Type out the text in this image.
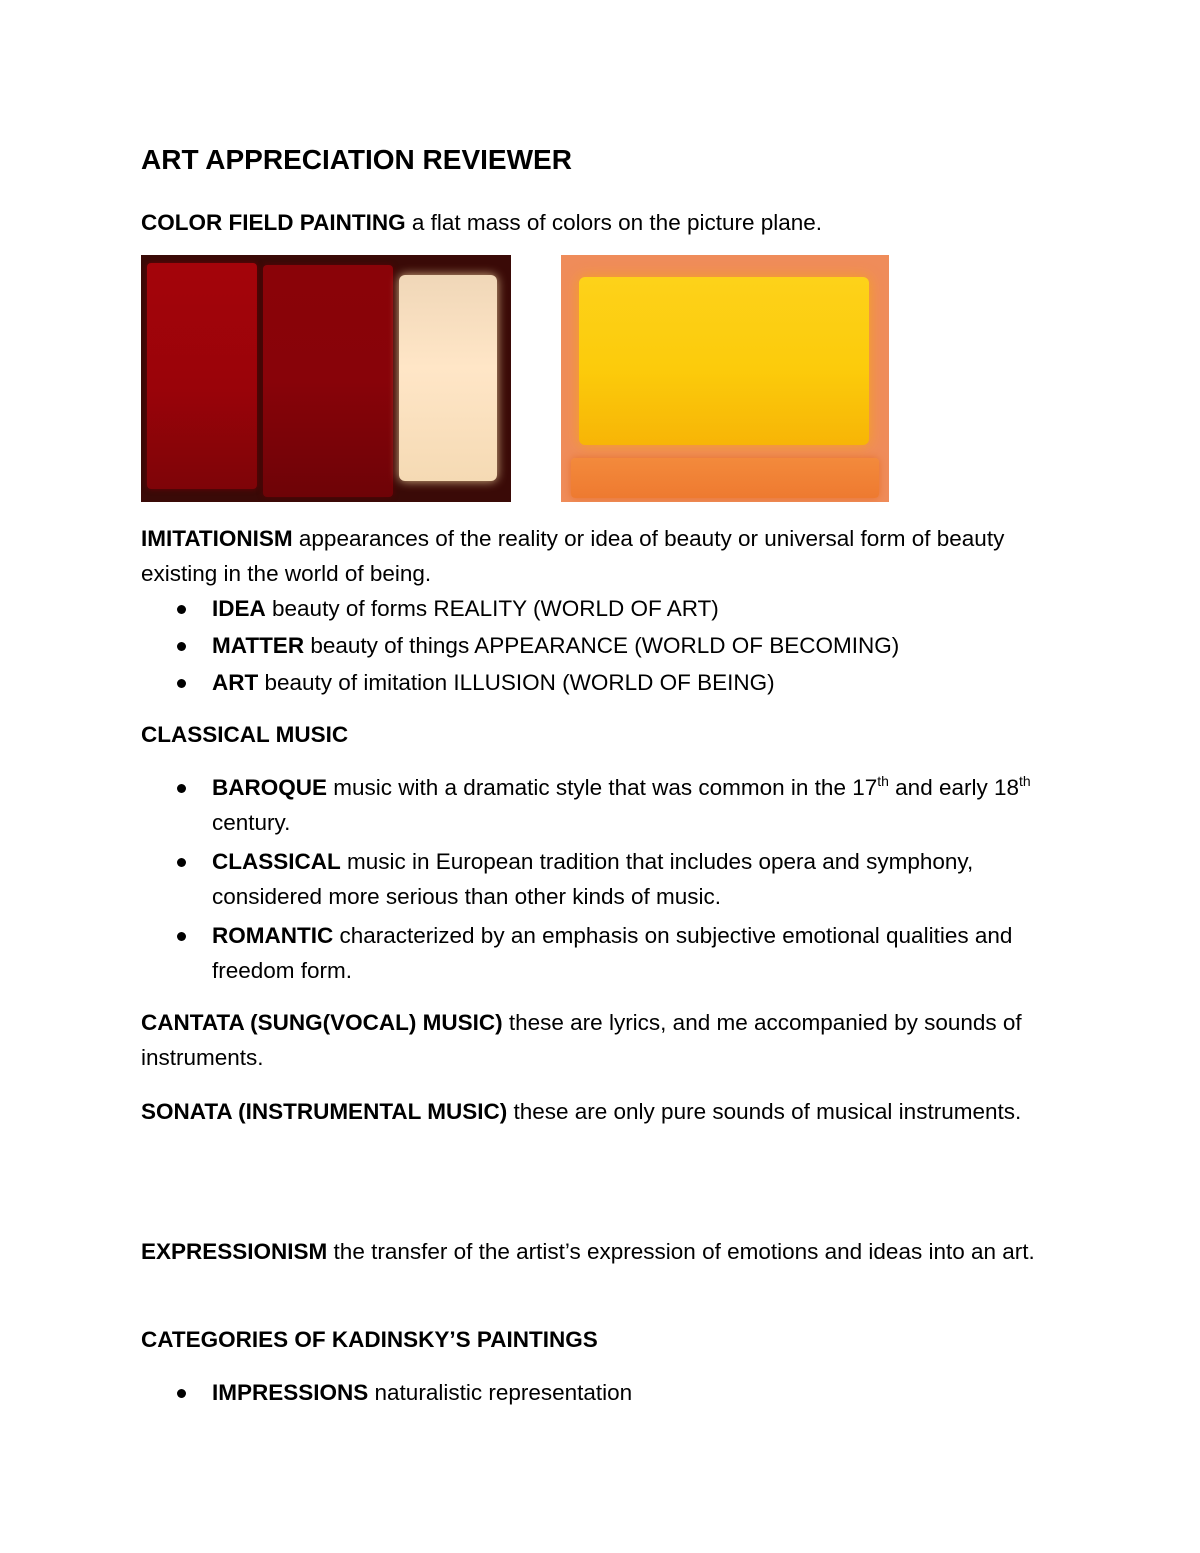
ART APPRECIATION REVIEWER

COLOR FIELD PAINTING a flat mass of colors on the picture plane.

IMITATIONISM appearances of the reality or idea of beauty or universal form of beauty existing in the world of being.

IDEA beauty of forms REALITY (WORLD OF ART)
MATTER beauty of things APPEARANCE (WORLD OF BECOMING)
ART beauty of imitation ILLUSION (WORLD OF BEING)

CLASSICAL MUSIC

BAROQUE music with a dramatic style that was common in the 17th and early 18th century.
CLASSICAL music in European tradition that includes opera and symphony, considered more serious than other kinds of music.
ROMANTIC characterized by an emphasis on subjective emotional qualities and freedom form.

CANTATA (SUNG(VOCAL) MUSIC) these are lyrics, and me accompanied by sounds of instruments.

SONATA (INSTRUMENTAL MUSIC) these are only pure sounds of musical instruments.

EXPRESSIONISM the transfer of the artist’s expression of emotions and ideas into an art.

CATEGORIES OF KADINSKY’S PAINTINGS

IMPRESSIONS naturalistic representation
